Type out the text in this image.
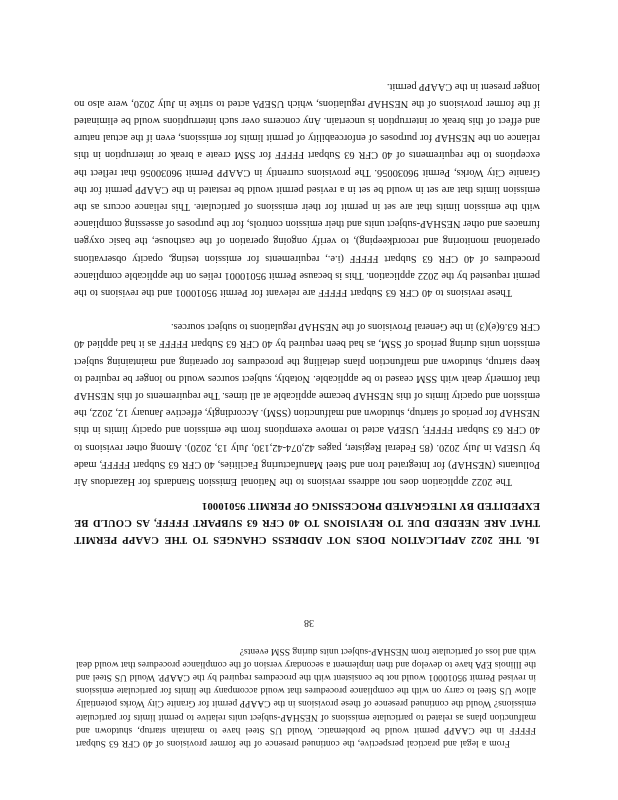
From a legal and practical perspective, the continued presence of the former provisions of 40 CFR 63 Subpart FFFFF in the CAAPP permit would be problematic. Would US Steel have to maintain startup, shutdown and malfunction plans as related to particulate emissions of NESHAP-subject units relative to permit limits for particulate emissions? Would the continued presence of these provisions in the CAAPP permit for Granite City Works potentially allow US Steel to carry on with the compliance procedures that would accompany the limits for particulate emissions in revised Permit 95010001 would not be consistent with the procedures required by the CAAPP. Would US Steel and the Illinois EPA have to develop and then implement a secondary version of the compliance procedures that would deal with and loss of particulate from NESHAP-subject units during SSM events?

38
16. THE 2022 APPLICATION DOES NOT ADDRESS CHANGES TO THE CAAPP PERMIT THAT ARE NEEDED DUE TO REVISIONS TO 40 CFR 63 SUBPART FFFFF, AS COULD BE EXPEDITED BY INTEGRATED PROCESSING OF PERMIT 95010001

The 2022 application does not address revisions to the National Emission Standards for Hazardous Air Pollutants (NESHAP) for Integrated Iron and Steel Manufacturing Facilities, 40 CFR 63 Subpart FFFFF, made by USEPA in July 2020. (85 Federal Register, pages 42,074-42,130, July 13, 2020). Among other revisions to 40 CFR 63 Subpart FFFFF, USEPA acted to remove exemptions from the emission and opacity limits in this NESHAP for periods of startup, shutdown and malfunction (SSM). Accordingly, effective January 12, 2022, the emission and opacity limits of this NESHAP became applicable at all times. The requirements of this NESHAP that formerly dealt with SSM ceased to be applicable. Notably, subject sources would no longer be required to keep startup, shutdown and malfunction plans detailing the procedures for operating and maintaining subject emission units during periods of SSM, as had been required by 40 CFR 63 Subpart FFFFF as it had applied 40 CFR 63.6(e)(3) in the General Provisions of the NESHAP regulations to subject sources.

These revisions to 40 CFR 63 Subpart FFFFF are relevant for Permit 95010001 and the revisions to the permit requested by the 2022 application. This is because Permit 95010001 relies on the applicable compliance procedures of 40 CFR 63 Subpart FFFFF (i.e., requirements for emission testing, opacity observations operational monitoring and recordkeeping), to verify ongoing operation of the casthouse, the basic oxygen furnaces and other NESHAP-subject units and their emission controls, for the purposes of assessing compliance with the emission limits that are set in permit for their emissions of particulate. This reliance occurs as the emission limits that are set in would be set in a revised permit would be restated in the CAAPP permit for the Granite City Works, Permit 96030056. The provisions currently in CAAPP Permit 96030056 that reflect the exceptions to the requirements of 40 CFR 63 Subpart FFFFF for SSM create a break or interruption in this reliance on the NESHAP for purposes of enforceability of permit limits for emissions, even if the actual nature and effect of this break or interruption is uncertain. Any concerns over such interruptions would be eliminated if the former provisions of the NESHAP regulations, which USEPA acted to strike in July 2020, were also no longer present in the CAAPP permit.
